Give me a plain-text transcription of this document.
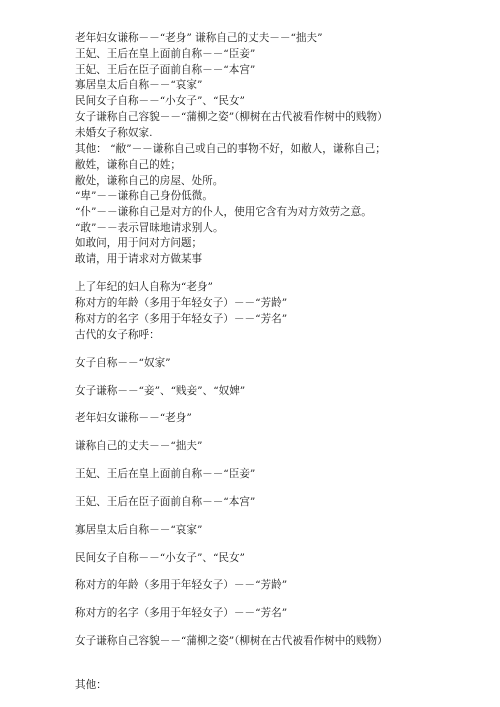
老年妇女谦称－－“老身” 谦称自己的丈夫－－“拙夫”
王妃、王后在皇上面前自称－－“臣妾”
王妃、王后在臣子面前自称－－“本宫”
寡居皇太后自称－－“哀家”
民间女子自称－－“小女子”、“民女”
女子谦称自己容貌－－“蒲柳之姿”（柳树在古代被看作树中的贱物）
未婚女子称奴家.
其他： “敝”－－谦称自己或自己的事物不好，如敝人，谦称自己；
敝姓，谦称自己的姓；
敝处，谦称自己的房屋、处所。
“卑”－－谦称自己身份低微。
“仆”－－谦称自己是对方的仆人，使用它含有为对方效劳之意。
“敢”－－表示冒昧地请求别人。
如敢问，用于问对方问题；
敢请，用于请求对方做某事
上了年纪的妇人自称为“老身”
称对方的年龄（多用于年轻女子）－－“芳龄”
称对方的名字（多用于年轻女子）－－“芳名”
古代的女子称呼：
女子自称－－“奴家”
女子谦称－－“妾”、“贱妾”、“奴婢”
老年妇女谦称－－“老身”
谦称自己的丈夫－－“拙夫”
王妃、王后在皇上面前自称－－“臣妾”
王妃、王后在臣子面前自称－－“本宫”
寡居皇太后自称－－“哀家”
民间女子自称－－“小女子”、“民女”
称对方的年龄（多用于年轻女子）－－“芳龄”
称对方的名字（多用于年轻女子）－－“芳名”
女子谦称自己容貌－－“蒲柳之姿”（柳树在古代被看作树中的贱物）
其他：
